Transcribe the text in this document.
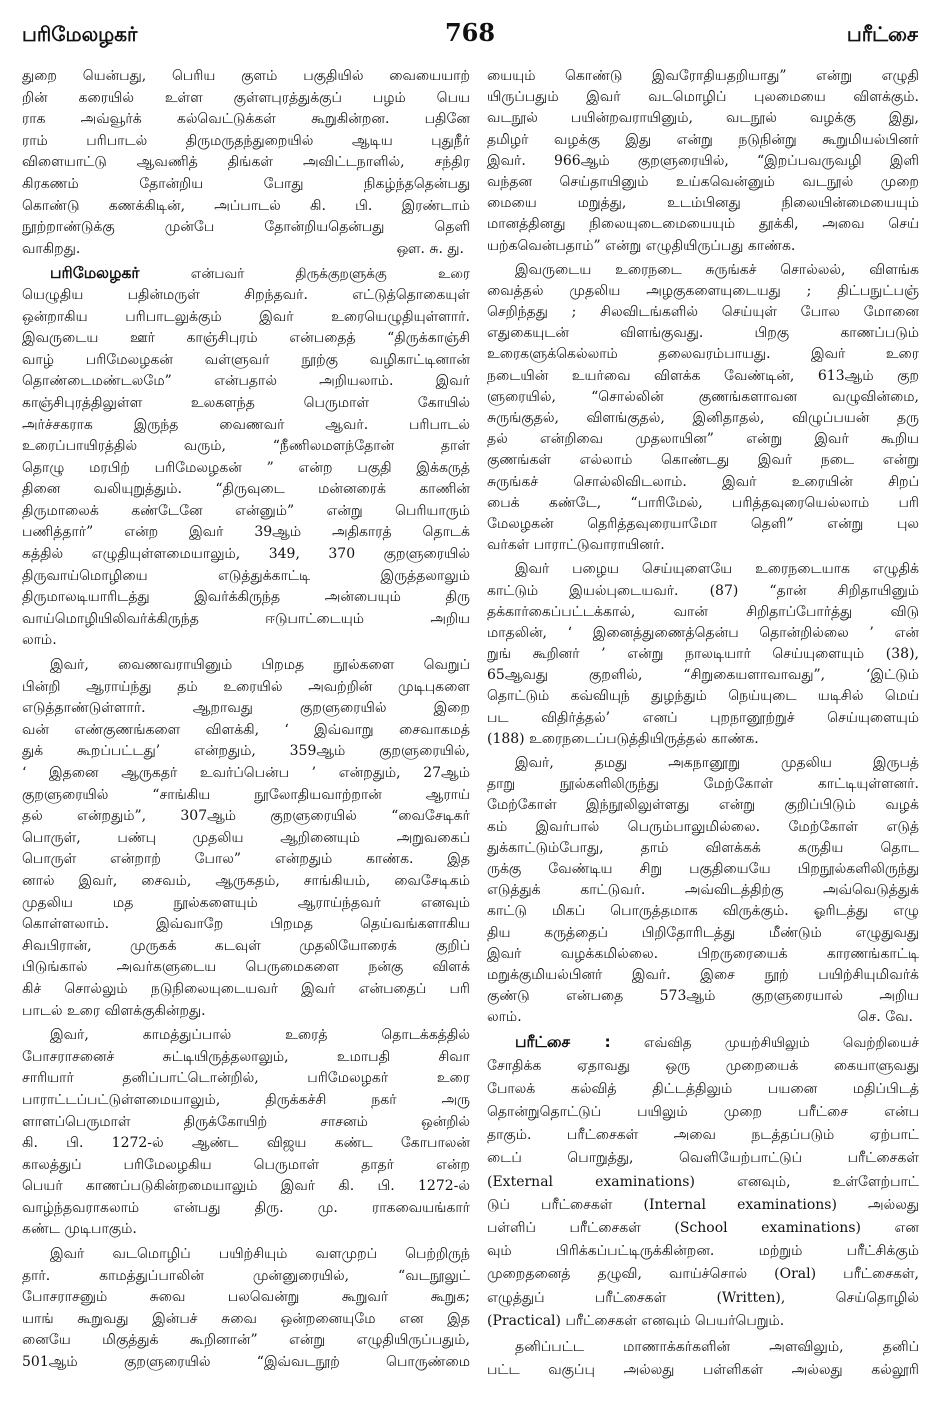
பரிமேலழகர்	768	பரீட்சை
துறை யென்பது, பெரிய குளம் பகுதியில் வையையாற்
றின் கரையில் உள்ள குள்ளபுரத்துக்குப் பழம் பெய
ராக அவ்வூர்க் கல்வெட்டுக்கள் கூறுகின்றன. பதினே
ராம் பரிபாடல் திருமருதந்துறையில் ஆடிய புதுநீர்
விளையாட்டு ஆவணித் திங்கள் அவிட்டநாளில், சந்திர
கிரகணம் தோன்றிய போது நிகழ்ந்ததென்பது
கொண்டு கணக்கிடின், அப்பாடல் கி. பி. இரண்டாம்
நூற்றாண்டுக்கு முன்பே தோன்றியதென்பது தெளி
வாகிறது.	ஔ. சு. து.
பரிமேலழகர்	என்பவர் திருக்குறளுக்கு உரை
யெழுதிய பதின்மருள் சிறந்தவர். எட்டுத்தொகையுள்
ஒன்றாகிய பரிபாடலுக்கும் இவர் உரையெழுதியுள்ளார்.
இவருடைய ஊர் காஞ்சிபுரம் என்பதைத் “திருக்காஞ்சி
வாழ் பரிமேலழகன் வள்ளுவர் நூற்கு வழிகாட்டினான்
தொண்டைமண்டலமே” என்பதால் அறியலாம். இவர்
காஞ்சிபுரத்திலுள்ள உலகளந்த பெருமாள் கோயில்
அர்ச்சகராக இருந்த வைணவர் ஆவர். பரிபாடல்
உரைப்பாயிரத்தில் வரும், “நீணிலமளந்தோன் தாள்
தொழு மரபிற் பரிமேலழகன் ” என்ற பகுதி இக்கருத்
தினை வலியுறுத்தும். “திருவுடை மன்னரைக் காணின்
திருமாலைக் கண்டேனே என்னும்” என்று பெரியாரும்
பணித்தார்” என்ற இவர் 39ஆம் அதிகாரத் தொடக்
கத்தில் எழுதியுள்ளமையாலும், 349, 370 குறளுரையில்
திருவாய்மொழியை எடுத்துக்காட்டி இருத்தலாலும்
திருமாலடியாரிடத்து இவர்க்கிருந்த அன்பையும் திரு
வாய்மொழியிலிவர்க்கிருந்த ஈடுபாட்டையும் அறிய
லாம்.
இவர், வைணவராயினும் பிறமத நூல்களை வெறுப்
பின்றி ஆராய்ந்து தம் உரையில் அவற்றின் முடிபுகளை
எடுத்தாண்டுள்ளார். ஆறாவது குறளுரையில் இறை
வன் எண்குணங்களை விளக்கி, ‘ இவ்வாறு சைவாகமத்
துக் கூறப்பட்டது’ என்றதும், 359ஆம் குறளுரையில்,
‘ இதனை ஆருகதர் உவர்ப்பென்ப ’ என்றதும், 27ஆம்
குறளுரையில் “சாங்கிய நூலோதியவாற்றான் ஆராய்
தல் என்றதும்”, 307ஆம் குறளுரையில் “வைசேடிகர்
பொருள், பண்பு முதலிய ஆறினையும் அறுவகைப்
பொருள் என்றாற் போல” என்றதும் காண்க. இத
னால் இவர், சைவம், ஆருகதம், சாங்கியம், வைசேடிகம்
முதலிய மத நூல்களையும் ஆராய்ந்தவர் எனவும்
கொள்ளலாம். இவ்வாறே பிறமத தெய்வங்களாகிய
சிவபிரான், முருகக் கடவுள் முதலியோரைக் குறிப்
பிடுங்கால் அவர்களுடைய பெருமைகளை நன்கு விளக்
கிச் சொல்லும் நடுநிலையுடையவர் இவர் என்பதைப் பரி
பாடல் உரை விளக்குகின்றது.
இவர், காமத்துப்பால் உரைத் தொடக்கத்தில்
போசராசனைச் சுட்டியிருத்தலாலும், உமாபதி சிவா
சாரியார் தனிப்பாட்டொன்றில், பரிமேலழகர் உரை
பாராட்டப்பட்டுள்ளமையாலும், திருக்கச்சி நகர் அரு
ளாளப்பெருமாள் திருக்கோயிற் சாசனம் ஒன்றில்
கி. பி. 1272-ல் ஆண்ட விஜய கண்ட கோபாலன்
காலத்துப் பரிமேலழகிய பெருமாள் தாதர் என்ற
பெயர் காணப்படுகின்றமையாலும் இவர் கி. பி. 1272-ல்
வாழ்ந்தவராகலாம் என்பது திரு. மு. ராகவையங்கார்
கண்ட முடிபாகும்.
இவர் வடமொழிப் பயிற்சியும் வளமுறப் பெற்றிருந்
தார். காமத்துப்பாலின் முன்னுரையில், “வடநூலுட்
போசராசனும் சுவை பலவென்று கூறுவர் கூறுக;
யாங் கூறுவது இன்பச் சுவை ஒன்றனையுமே என இத
னையே மிகுத்துக் கூறினான்” என்று எழுதியிருப்பதும்,
501ஆம் குறளுரையில் “இவ்வடநூற் பொருண்மை
யையும் கொண்டு இவரோதியதறியாது” என்று எழுதி
யிருப்பதும் இவர் வடமொழிப் புலமையை விளக்கும்.
வடநூல் பயின்றவராயினும், வடநூல் வழக்கு இது,
தமிழர் வழக்கு இது என்று நடுநின்று கூறுமியல்பினர்
இவர். 966ஆம் குறளுரையில், “இறப்பவருவழி இளி
வந்தன செய்தாயினும் உய்கவென்னும் வடநூல் முறை
மையை மறுத்து, உடம்பினது நிலையின்மையையும்
மானத்தினது நிலையுடைமையையும் தூக்கி, அவை செய்
யற்கவென்பதாம்” என்று எழுதியிருப்பது காண்க.
இவருடைய உரைநடை சுருங்கச் சொல்லல், விளங்க
வைத்தல் முதலிய அழகுகளையுடையது ; திட்பநுட்பஞ்
செறிந்தது ; சிலவிடங்களில் செய்யுள் போல மோனை
எதுகையுடன் விளங்குவது. பிறகு காணப்படும்
உரைகளுக்கெல்லாம் தலைவரம்பாயது. இவர் உரை
நடையின் உயர்வை விளக்க வேண்டின், 613ஆம் குற
ளுரையில், “சொல்லின் குணங்களாவன வழுவின்மை,
சுருங்குதல், விளங்குதல், இனிதாதல், விழுப்பயன் தரு
தல் என்றிவை முதலாயின” என்று இவர் கூறிய
குணங்கள் எல்லாம் கொண்டது இவர் நடை என்று
சுருங்கச் சொல்லிவிடலாம். இவர் உரையின் சிறப்
பைக் கண்டே, “பாரிமேல், பரித்தவுரையெல்லாம் பரி
மேலழகன் தெரித்தவுரையாமோ தெளி” என்று புல
வர்கள் பாராட்டுவாராயினர்.
இவர் பழைய செய்யுளையே உரைநடையாக எழுதிக்
காட்டும் இயல்புடையவர். (87) “தான் சிறிதாயினும்
தக்கார்கைப்பட்டக்கால், வான் சிறிதாப்போர்த்து விடு
மாதலின், ‘ இனைத்துணைத்தென்ப தொன்றில்லை ’ என்
றுங் கூறினர் ’ என்று நாலடியார் செய்யுளையும் (38),
65ஆவது குறளில், “சிறுகையளாவாவது”, ‘இட்டும்
தொட்டும் கவ்வியுந் துழந்தும் நெய்யுடை யடிசில் மெய்
பட விதிர்த்தல்’ எனப் புறநானூற்றுச் செய்யுளையும்
(188) உரைநடைப்படுத்தியிருத்தல் காண்க.
இவர், தமது அகநானூறு முதலிய இருபத்
தாறு நூல்களிலிருந்து மேற்கோள் காட்டியுள்ளனர்.
மேற்கோள் இந்நூலிலுள்ளது என்று குறிப்பிடும் வழக்
கம் இவர்பால் பெரும்பாலுமில்லை. மேற்கோள் எடுத்
துக்காட்டும்போது, தாம் விளக்கக் கருதிய தொட
ருக்கு வேண்டிய சிறு பகுதியையே பிறநூல்களிலிருந்து
எடுத்துக் காட்டுவர். அவ்விடத்திற்கு அவ்வெடுத்துக்
காட்டு மிகப் பொருத்தமாக விருக்கும். ஓரிடத்து எழு
திய கருத்தைப் பிறிதோரிடத்து மீண்டும் எழுதுவது
இவர் வழக்கமில்லை. பிறருரையைக் காரணங்காட்டி
மறுக்குமியல்பினர் இவர். இசை நூற் பயிற்சியுமிவர்க்
குண்டு என்பதை 573ஆம் குறளுரையால் அறிய
லாம்.	செ. வே.
பரீட்சை : எவ்வித முயற்சியிலும் வெற்றியைச்
சோதிக்க ஏதாவது ஒரு முறையைக் கையாளுவது
போலக் கல்வித் திட்டத்திலும் பயனை மதிப்பிடத்
தொன்றுதொட்டுப் பயிலும் முறை பரீட்சை என்ப
தாகும். பரீட்சைகள் அவை நடத்தப்படும் ஏற்பாட்
டைப் பொறுத்து, வெளியேற்பாட்டுப் பரீட்சைகள்
(External examinations) எனவும், உள்ளேற்பாட்
டுப் பரீட்சைகள் (Internal examinations) அல்லது
பள்ளிப் பரீட்சைகள் (School examinations) என
வும் பிரிக்கப்பட்டிருக்கின்றன. மற்றும் பரீட்சிக்கும்
முறைதனைத் தழுவி, வாய்ச்சொல் (Oral) பரீட்சைகள்,
எழுத்துப் பரீட்சைகள் (Written), செய்தொழில்
(Practical) பரீட்சைகள் எனவும் பெயர்பெறும்.
தனிப்பட்ட மாணாக்கர்களின் அளவிலும், தனிப்
பட்ட வகுப்பு அல்லது பள்ளிகள் அல்லது கல்லூரி
